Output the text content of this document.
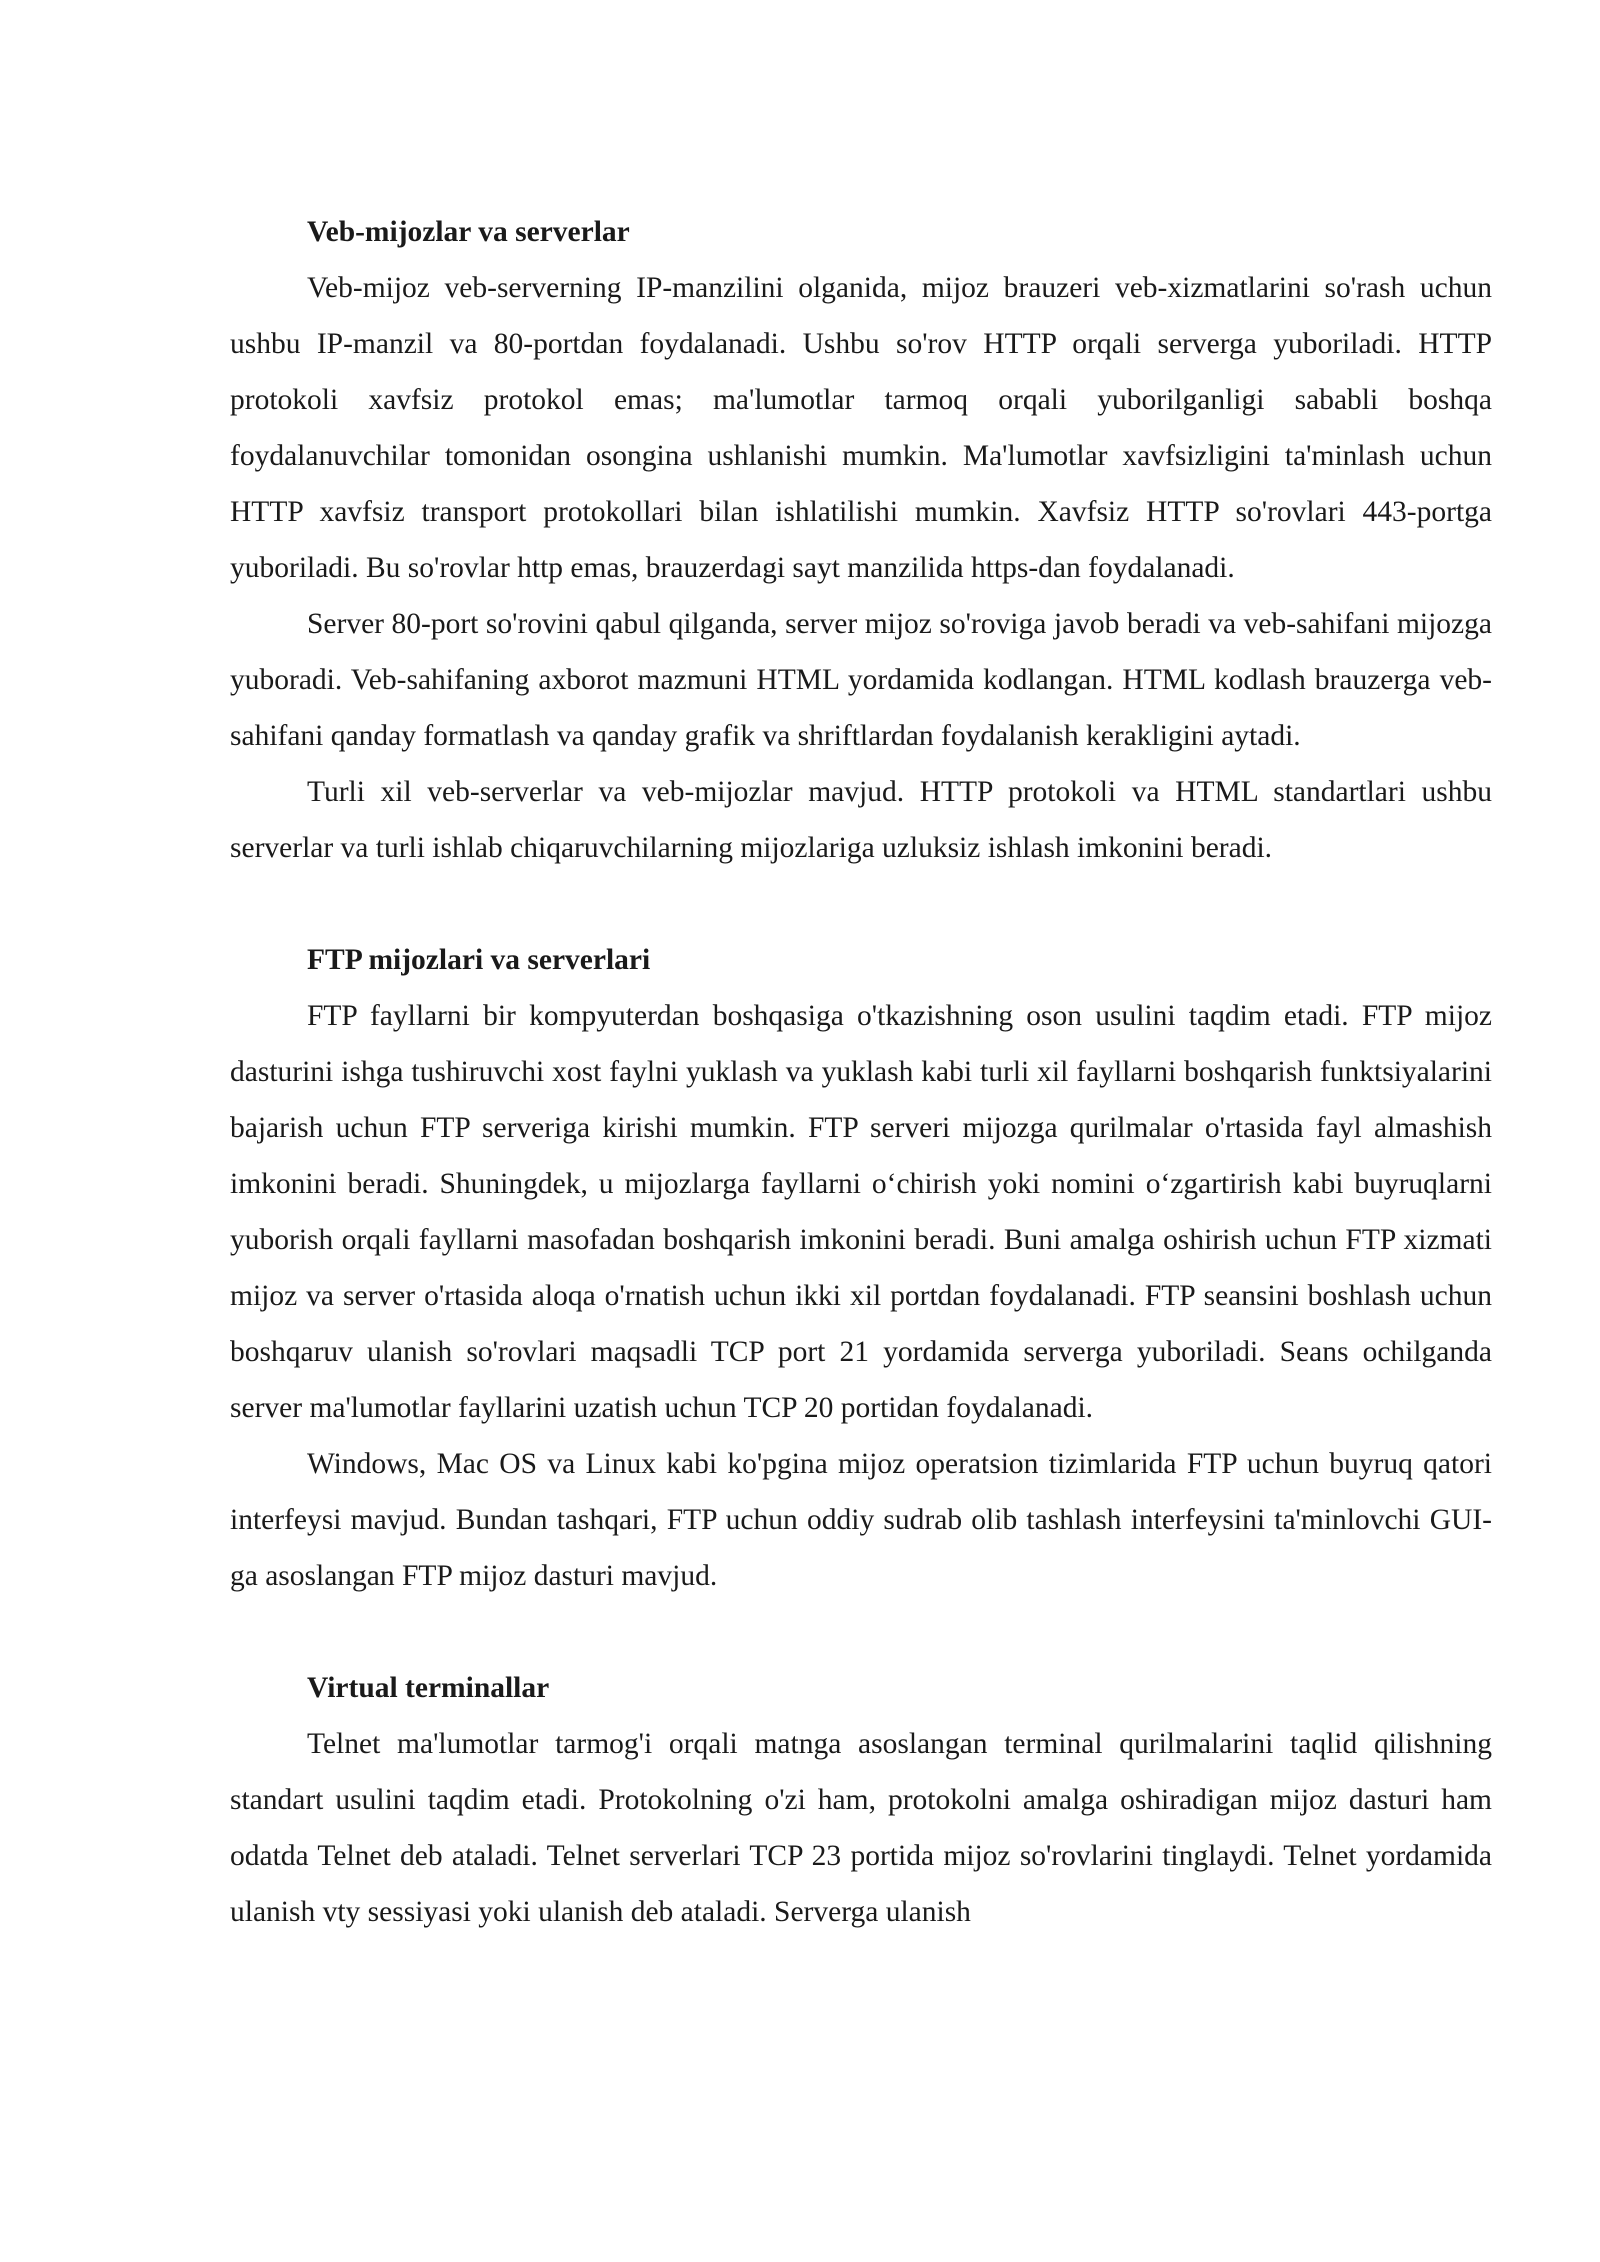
Veb-mijozlar va serverlar

Veb-mijoz veb-serverning IP-manzilini olganida, mijoz brauzeri veb-xizmatlarini so'rash uchun ushbu IP-manzil va 80-portdan foydalanadi. Ushbu so'rov HTTP orqali serverga yuboriladi. HTTP protokoli xavfsiz protokol emas; ma'lumotlar tarmoq orqali yuborilganligi sababli boshqa foydalanuvchilar tomonidan osongina ushlanishi mumkin. Ma'lumotlar xavfsizligini ta'minlash uchun HTTP xavfsiz transport protokollari bilan ishlatilishi mumkin. Xavfsiz HTTP so'rovlari 443-portga yuboriladi. Bu so'rovlar http emas, brauzerdagi sayt manzilida https-dan foydalanadi.

Server 80-port so'rovini qabul qilganda, server mijoz so'roviga javob beradi va veb-sahifani mijozga yuboradi. Veb-sahifaning axborot mazmuni HTML yordamida kodlangan. HTML kodlash brauzerga veb-sahifani qanday formatlash va qanday grafik va shriftlardan foydalanish kerakligini aytadi.

Turli xil veb-serverlar va veb-mijozlar mavjud. HTTP protokoli va HTML standartlari ushbu serverlar va turli ishlab chiqaruvchilarning mijozlariga uzluksiz ishlash imkonini beradi.

FTP mijozlari va serverlari

FTP fayllarni bir kompyuterdan boshqasiga o'tkazishning oson usulini taqdim etadi. FTP mijoz dasturini ishga tushiruvchi xost faylni yuklash va yuklash kabi turli xil fayllarni boshqarish funktsiyalarini bajarish uchun FTP serveriga kirishi mumkin. FTP serveri mijozga qurilmalar o'rtasida fayl almashish imkonini beradi. Shuningdek, u mijozlarga fayllarni o‘chirish yoki nomini o‘zgartirish kabi buyruqlarni yuborish orqali fayllarni masofadan boshqarish imkonini beradi. Buni amalga oshirish uchun FTP xizmati mijoz va server o'rtasida aloqa o'rnatish uchun ikki xil portdan foydalanadi. FTP seansini boshlash uchun boshqaruv ulanish so'rovlari maqsadli TCP port 21 yordamida serverga yuboriladi. Seans ochilganda server ma'lumotlar fayllarini uzatish uchun TCP 20 portidan foydalanadi.

Windows, Mac OS va Linux kabi ko'pgina mijoz operatsion tizimlarida FTP uchun buyruq qatori interfeysi mavjud. Bundan tashqari, FTP uchun oddiy sudrab olib tashlash interfeysini ta'minlovchi GUI-ga asoslangan FTP mijoz dasturi mavjud.

Virtual terminallar

Telnet ma'lumotlar tarmog'i orqali matnga asoslangan terminal qurilmalarini taqlid qilishning standart usulini taqdim etadi. Protokolning o'zi ham, protokolni amalga oshiradigan mijoz dasturi ham odatda Telnet deb ataladi. Telnet serverlari TCP 23 portida mijoz so'rovlarini tinglaydi. Telnet yordamida ulanish vty sessiyasi yoki ulanish deb ataladi. Serverga ulanish
